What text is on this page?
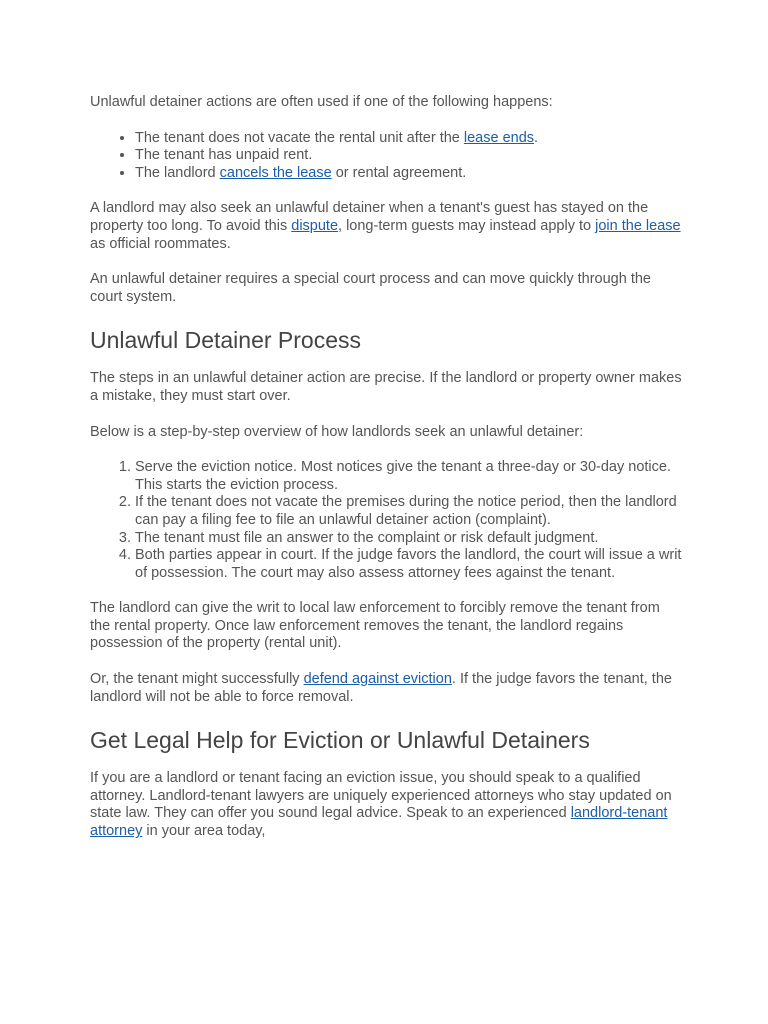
Unlawful detainer actions are often used if one of the following happens:

• The tenant does not vacate the rental unit after the lease ends.
• The tenant has unpaid rent.
• The landlord cancels the lease or rental agreement.

A landlord may also seek an unlawful detainer when a tenant's guest has stayed on the property too long. To avoid this dispute, long-term guests may instead apply to join the lease as official roommates.

An unlawful detainer requires a special court process and can move quickly through the court system.

Unlawful Detainer Process

The steps in an unlawful detainer action are precise. If the landlord or property owner makes a mistake, they must start over.

Below is a step-by-step overview of how landlords seek an unlawful detainer:

1. Serve the eviction notice. Most notices give the tenant a three-day or 30-day notice. This starts the eviction process.
2. If the tenant does not vacate the premises during the notice period, then the landlord can pay a filing fee to file an unlawful detainer action (complaint).
3. The tenant must file an answer to the complaint or risk default judgment.
4. Both parties appear in court. If the judge favors the landlord, the court will issue a writ of possession. The court may also assess attorney fees against the tenant.

The landlord can give the writ to local law enforcement to forcibly remove the tenant from the rental property. Once law enforcement removes the tenant, the landlord regains possession of the property (rental unit).

Or, the tenant might successfully defend against eviction. If the judge favors the tenant, the landlord will not be able to force removal.

Get Legal Help for Eviction or Unlawful Detainers

If you are a landlord or tenant facing an eviction issue, you should speak to a qualified attorney. Landlord-tenant lawyers are uniquely experienced attorneys who stay updated on state law. They can offer you sound legal advice. Speak to an experienced landlord-tenant attorney in your area today,
